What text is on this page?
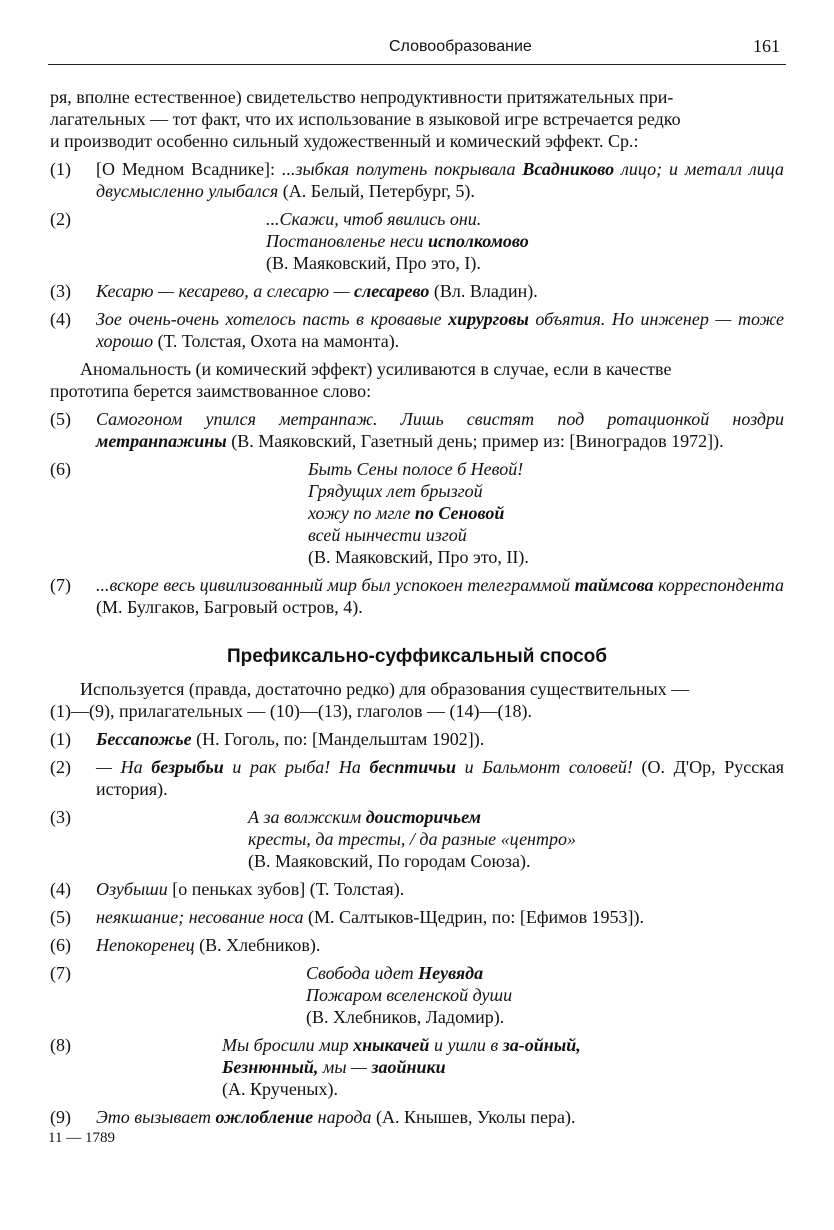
Словообразование	161
ря, вполне естественное) свидетельство непродуктивности притяжательных при-
лагательных — тот факт, что их использование в языковой игре встречается редко
и производит особенно сильный художественный и комический эффект. Ср.:
(1) [О Медном Всаднике]: ...зыбкая полутень покрывала Всадниково лицо; и металл лица двусмысленно улыбался (А. Белый, Петербург, 5).
(2)	...Скажи, чтоб явились они.
Постановленье неси исполкомово
(В. Маяковский, Про это, I).
(3) Кесарю — кесарево, а слесарю — слесарево (Вл. Владин).
(4) Зое очень-очень хотелось пасть в кровавые хирурговы объятия. Но инженер — тоже хорошо (Т. Толстая, Охота на мамонта).
Аномальность (и комический эффект) усиливаются в случае, если в качестве
прототипа берется заимствованное слово:
(5) Самогоном упился метранпаж. Лишь свистят под ротационкой ноздри метранпажины (В. Маяковский, Газетный день; пример из: [Виноградов 1972]).
(6)	Быть Сены полосе б Невой!
Грядущих лет брызгой
хожу по мгле по Сеновой
всей нынчести изгой
(В. Маяковский, Про это, II).
(7) ...вскоре весь цивилизованный мир был успокоен телеграммой таймсова корреспондента (М. Булгаков, Багровый остров, 4).
Префиксально-суффиксальный способ
Используется (правда, достаточно редко) для образования существительных —
(1)—(9), прилагательных — (10)—(13), глаголов — (14)—(18).
(1) Бессапожье (Н. Гоголь, по: [Мандельштам 1902]).
(2) — На безрыбьи и рак рыба! На бесптичьи и Бальмонт соловей! (О. Д'Ор, Русская история).
(3)	А за волжским доисторичьем
кресты, да тресты, / да разные «центро»
(В. Маяковский, По городам Союза).
(4) Озубыши [о пеньках зубов] (Т. Толстая).
(5) неякшание; несование носа (М. Салтыков-Щедрин, по: [Ефимов 1953]).
(6) Непокоренец (В. Хлебников).
(7)	Свобода идет Неувяда
Пожаром вселенской души
(В. Хлебников, Ладомир).
(8)	Мы бросили мир хныкачей и ушли в за-ойный,
Безнюнный, мы — заойники
(А. Крученых).
(9) Это вызывает ожлобление народа (А. Кнышев, Уколы пера).
11 — 1789
